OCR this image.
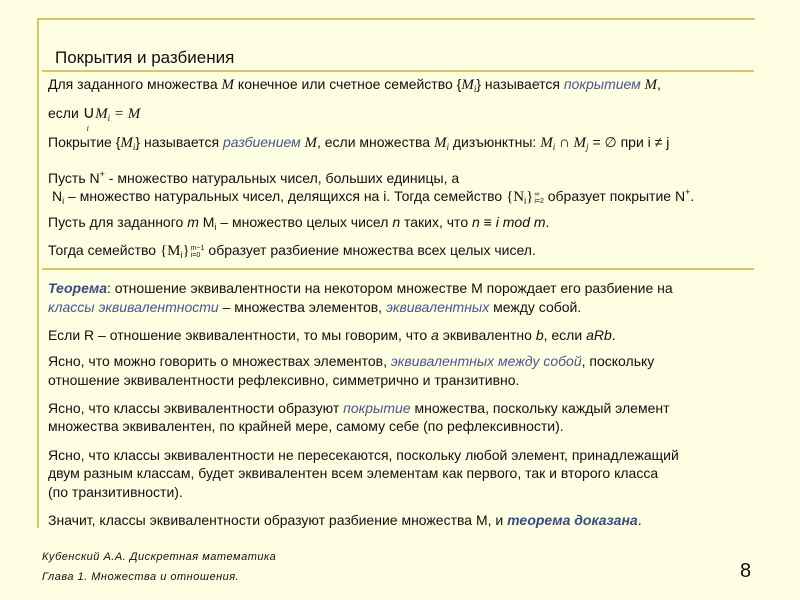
Покрытия и разбиения
·
Для заданного множества M конечное или счетное семейство $\{M_i\}$ называется покрытием M,
если $\cup M_i = M$
i
Покрытие $\{M_i\}$ называется разбиением M, если множества $M_i$ дизъюнктны: $M_i$ ∩ $M_j$ = ∅ при i ≠ j
Пусть N+ - множество натуральных чисел, больших единицы, а
$N_i$ – множество натуральных чисел, делящихся на i. Тогда семейство $\{N_i\}$ ∞
i=2 образует покрытие N+.
Пусть для заданного m $M_i$ – множество целых чисел n таких, что n ≡ i mod m.
Тогда семейство $\{M_i\}$ m−1
i=0 образует разбиение множества всех целых чисел.
Теорема: отношение эквивалентности на некотором множестве M порождает его разбиение на
классы эквивалентности – множества элементов, эквивалентных между собой.
Если R – отношение эквивалентности, то мы говорим, что a эквивалентно b, если aRb.
Ясно, что можно говорить о множествах элементов, эквивалентных между собой, поскольку
отношение эквивалентности рефлексивно, симметрично и транзитивно.
Ясно, что классы эквивалентности образуют покрытие множества, поскольку каждый элемент
множества эквивалентен, по крайней мере, самому себе (по рефлексивности).
Ясно, что классы эквивалентности не пересекаются, поскольку любой элемент, принадлежащий
двум разным классам, будет эквивалентен всем элементам как первого, так и второго класса
(по транзитивности).
Значит, классы эквивалентности образуют разбиение множества M, и теорема доказана.
Кубенский А.А. Дискретная математика
Глава 1. Множества и отношения.	8
